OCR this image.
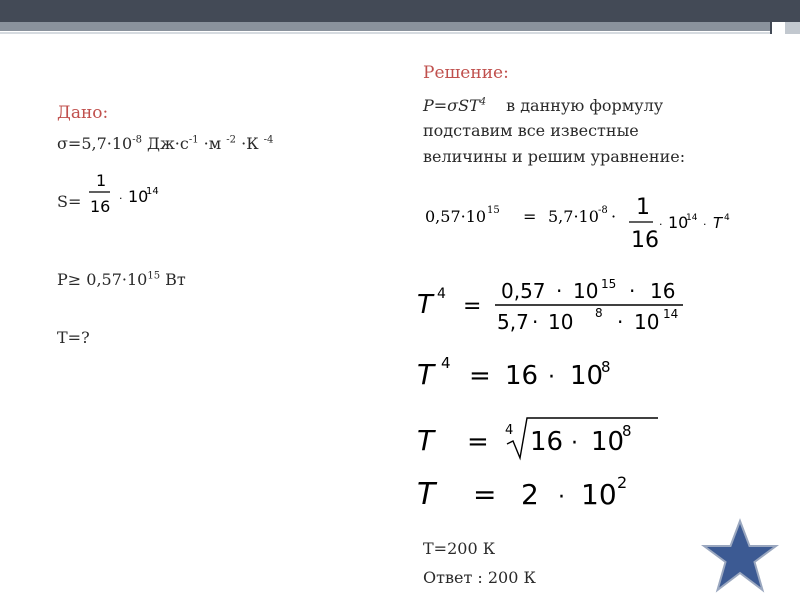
Дано:

$\sigma=5,7\cdot 10^{-8}$ $Дж\cdot с^{-1} \cdot м$ $^{-2}$ ·К $^{-4}$

S=

1
16 · 10
14

$P\ge 0,57\cdot 10^{15}$ Вт

T=?

Решение:

P=σST$^4$ в данную формулу

подставим все известные

величины и решим уравнение:

0,57·10 15 = 5,7·10 -8 · 1
16
· 10
14 · T 4
T 4 =
0,57 · 10 15 · 16
5,7 · 10 8 · 10 14
T 4 = 16 · 10
8
T = 4 16 · 10
8
T = 2 · 10 2

T=200 К

Ответ : 200 К
